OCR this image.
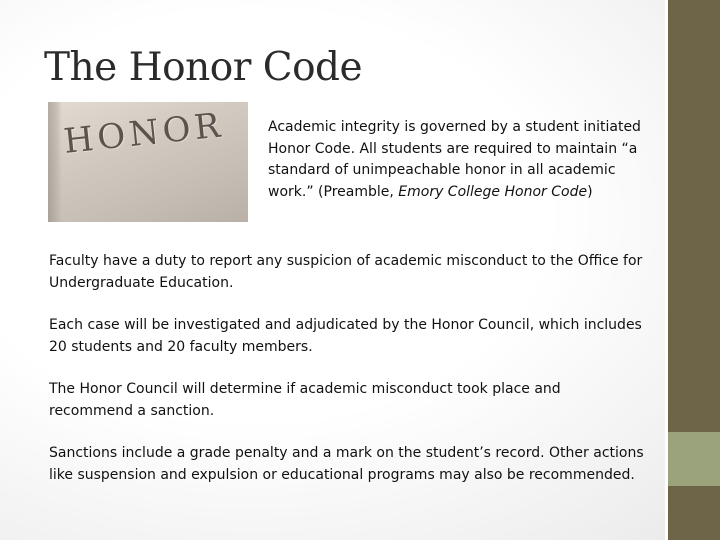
The Honor Code
HONOR	Academic integrity is governed by a student initiated Honor Code. All students are required to maintain “a standard of unimpeachable honor in all academic work.” (Preamble, Emory College Honor Code)

Faculty have a duty to report any suspicion of academic misconduct to the Office for Undergraduate Education.

Each case will be investigated and adjudicated by the Honor Council, which includes 20 students and 20 faculty members.

The Honor Council will determine if academic misconduct took place and recommend a sanction.

Sanctions include a grade penalty and a mark on the student’s record. Other actions like suspension and expulsion or educational programs may also be recommended.
